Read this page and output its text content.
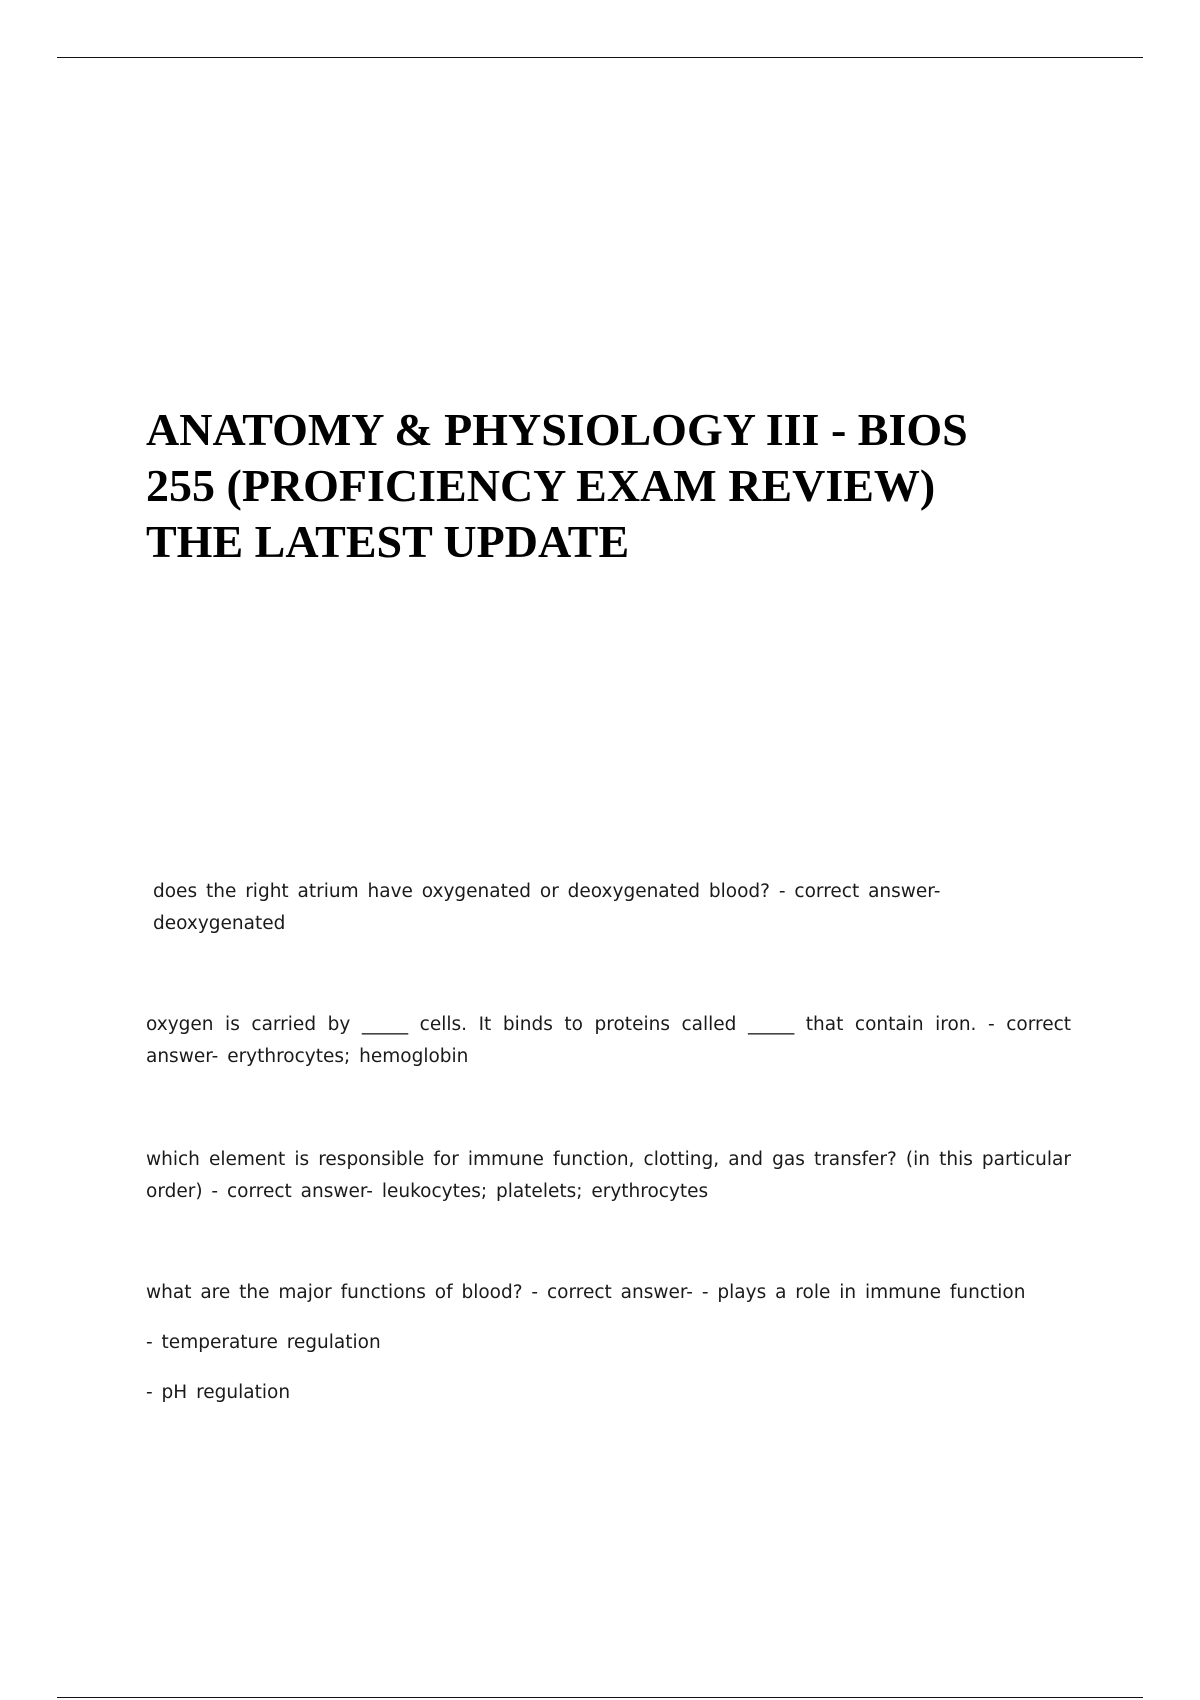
ANATOMY & PHYSIOLOGY III - BIOS
255 (PROFICIENCY EXAM REVIEW)
THE LATEST UPDATE
does the right atrium have oxygenated or deoxygenated blood? - correct answer-
deoxygenated
oxygen is carried by _____ cells. It binds to proteins called _____ that contain iron. - correct
answer- erythrocytes; hemoglobin
which element is responsible for immune function, clotting, and gas transfer? (in this particular
order) - correct answer- leukocytes; platelets; erythrocytes
what are the major functions of blood? - correct answer- - plays a role in immune function
- temperature regulation
- pH regulation
